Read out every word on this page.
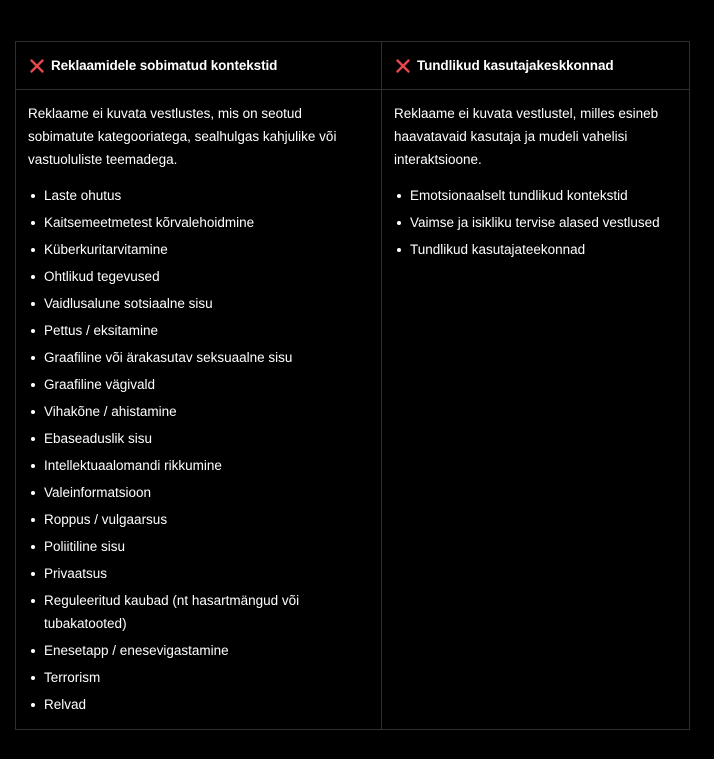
Reklaamidele sobimatud kontekstid

Reklaame ei kuvata vestlustes, mis on seotud sobimatute kategooriatega, sealhulgas kahjulike või vastuoluliste teemadega.

Laste ohutus
Kaitsemeetmetest kõrvalehoidmine
Küberkuritarvitamine
Ohtlikud tegevused
Vaidlusalune sotsiaalne sisu
Pettus / eksitamine
Graafiline või ärakasutav seksuaalne sisu
Graafiline vägivald
Vihakõne / ahistamine
Ebaseaduslik sisu
Intellektuaalomandi rikkumine
Valeinformatsioon
Roppus / vulgaarsus
Poliitiline sisu
Privaatsus
Reguleeritud kaubad (nt hasartmängud või tubakatooted)
Enesetapp / enesevigastamine
Terrorism
Relvad
Tundlikud kasutajakeskkonnad

Reklaame ei kuvata vestlustel, milles esineb haavatavaid kasutaja ja mudeli vahelisi interaktsioone.

Emotsionaalselt tundlikud kontekstid
Vaimse ja isikliku tervise alased vestlused
Tundlikud kasutajateekonnad
